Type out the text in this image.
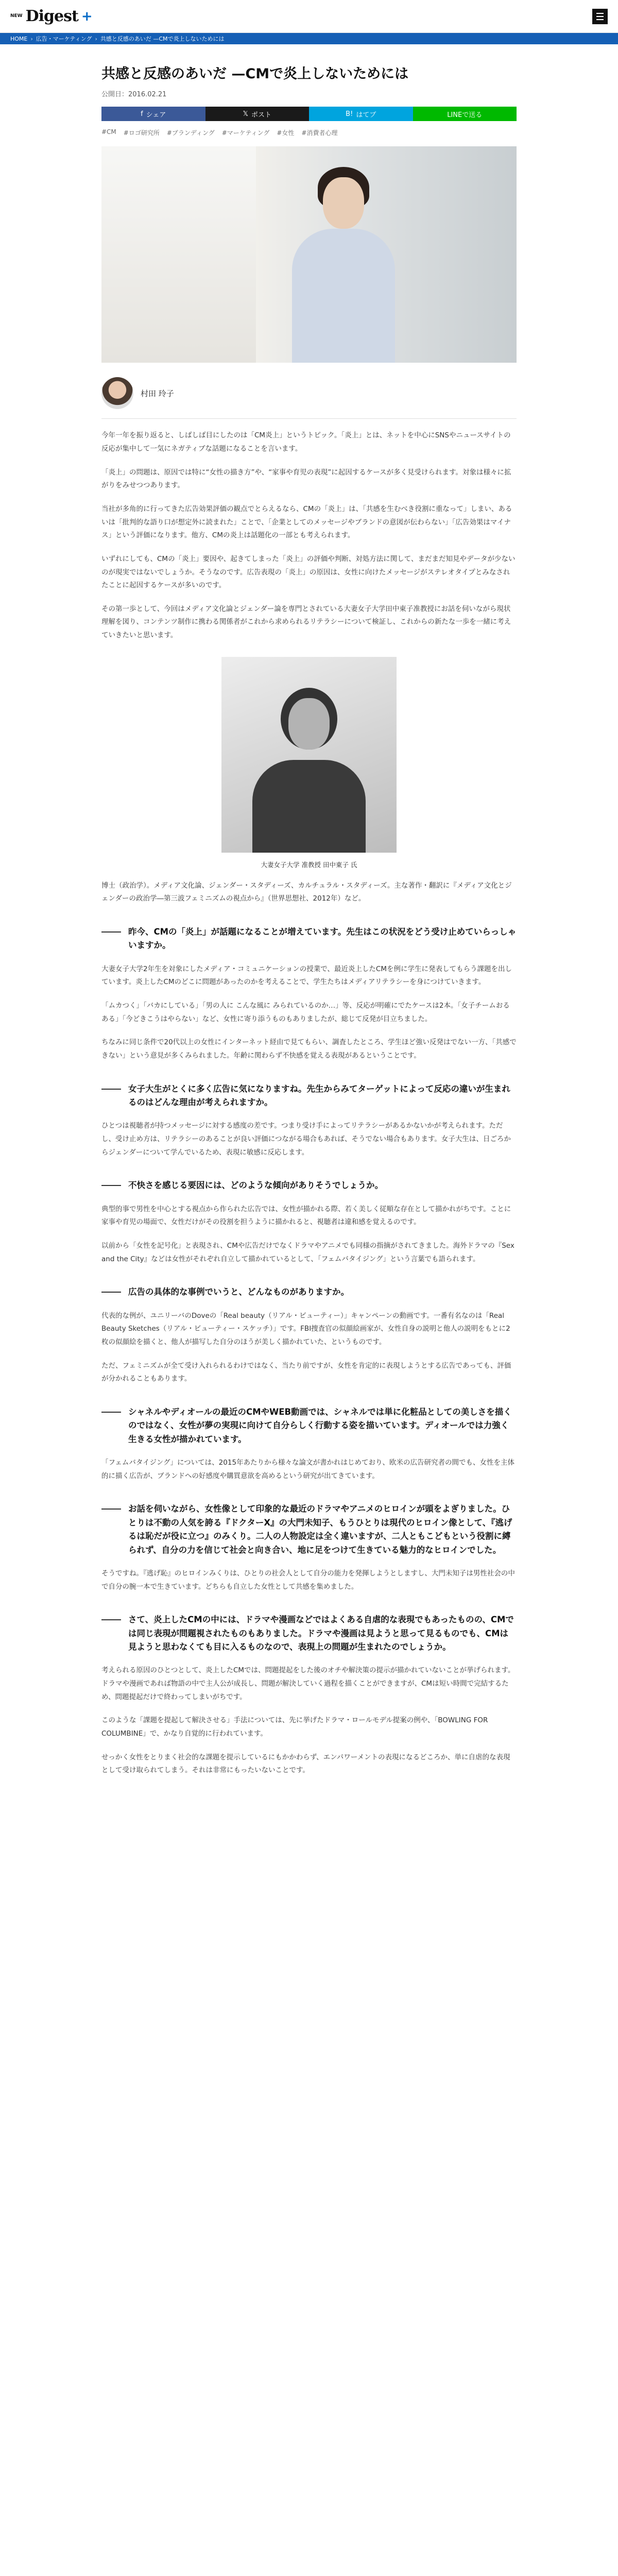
NEW Digest +
HOME › 広告・マーケティング › 共感と反感のあいだ —CMで炎上しないためには
共感と反感のあいだ —CMで炎上しないためには
公開日：2016.02.21
f シェア	𝕏 ポスト	B! はてブ	LINEで送る
#CM #ロゴ研究所 #ブランディング #マーケティング #女性 #消費者心理
村田 玲子

今年一年を振り返ると、しばしば目にしたのは「CM炎上」というトピック。「炎上」とは、ネットを中心にSNSやニュースサイトの反応が集中して一気にネガティブな話題になることを言います。

「炎上」の問題は、原因では特に“女性の描き方”や、“家事や育児の表現”に起因するケースが多く見受けられます。対象は様々に拡がりをみせつつあります。

当社が多角的に行ってきた広告効果評価の観点でとらえるなら、CMの「炎上」は、「共感を生むべき役割に重なって」しまい、あるいは「批判的な語り口が想定外に読まれた」ことで、「企業としてのメッセージやブランドの意図が伝わらない」「広告効果はマイナス」という評価になります。他方、CMの炎上は話題化の一部とも考えられます。

いずれにしても、CMの「炎上」要因や、起きてしまった「炎上」の評価や判断、対処方法に関して、まだまだ知見やデータが少ないのが現実ではないでしょうか。そうなのです。広告表現の「炎上」の原因は、女性に向けたメッセージがステレオタイプとみなされたことに起因するケースが多いのです。

その第一歩として、今回はメディア文化論とジェンダー論を専門とされている大妻女子大学田中東子准教授にお話を伺いながら現状理解を図り、コンテンツ制作に携わる関係者がこれから求められるリテラシーについて検証し、これからの新たな一歩を一緒に考えていきたいと思います。

大妻女子大学 准教授 田中東子 氏

博士（政治学）。メディア文化論、ジェンダー・スタディーズ、カルチュラル・スタディーズ。主な著作・翻訳に『メディア文化とジェンダーの政治学―第三波フェミニズムの視点から』（世界思想社、2012年）など。

昨今、CMの「炎上」が話題になることが増えています。先生はこの状況をどう受け止めていらっしゃいますか。

大妻女子大学2年生を対象にしたメディア・コミュニケーションの授業で、最近炎上したCMを例に学生に発表してもらう課題を出しています。炎上したCMのどこに問題があったのかを考えることで、学生たちはメディアリテラシーを身につけていきます。

「ムカつく」「バカにしている」「男の人に こんな風に みられているのか…」等、反応が明確にでたケースは2本。「女子チームおるある」「今どきこうはやらない」など、女性に寄り添うものもありましたが、総じて反発が目立ちました。

ちなみに同じ条件で20代以上の女性にインターネット経由で見てもらい、調査したところ、学生ほど強い反発はでない一方、「共感できない」という意見が多くみられました。年齢に関わらず不快感を覚える表現があるということです。

女子大生がとくに多く広告に気になりますね。先生からみてターゲットによって反応の違いが生まれるのはどんな理由が考えられますか。

ひとつは視聴者が持つメッセージに対する感度の差です。つまり受け手によってリテラシーがあるかないかが考えられます。ただし、受け止め方は、リテラシーのあることが良い評価につながる場合もあれば、そうでない場合もあります。女子大生は、日ごろからジェンダーについて学んでいるため、表現に敏感に反応します。

不快さを感じる要因には、どのような傾向がありそうでしょうか。

典型的事で男性を中心とする視点から作られた広告では、女性が描かれる際、若く美しく従順な存在として描かれがちです。ことに家事や育児の場面で、女性だけがその役割を担うように描かれると、視聴者は違和感を覚えるのです。

以前から「女性を記号化」と表現され、CMや広告だけでなくドラマやアニメでも同様の指摘がされてきました。海外ドラマの『Sex and the City』などは女性がそれぞれ自立して描かれているとして、「フェムバタイジング」という言葉でも語られます。

広告の具体的な事例でいうと、どんなものがありますか。

代表的な例が、ユニリーバのDoveの「Real beauty（リアル・ビューティー）」キャンペーンの動画です。一番有名なのは「Real Beauty Sketches（リアル・ビューティー・スケッチ）」です。FBI捜査官の似顔絵画家が、女性自身の説明と他人の説明をもとに2枚の似顔絵を描くと、他人が描写した自分のほうが美しく描かれていた、というものです。

ただ、フェミニズムが全て受け入れられるわけではなく、当たり前ですが、女性を肯定的に表現しようとする広告であっても、評価が分かれることもあります。

シャネルやディオールの最近のCMやWEB動画では、シャネルでは単に化粧品としての美しさを描くのではなく、女性が夢の実現に向けて自分らしく行動する姿を描いています。ディオールでは力強く生きる女性が描かれています。

「フェムバタイジング」については、2015年あたりから様々な論文が書かれはじめており、欧米の広告研究者の間でも、女性を主体的に描く広告が、ブランドへの好感度や購買意欲を高めるという研究が出てきています。

お話を伺いながら、女性像として印象的な最近のドラマやアニメのヒロインが頭をよぎりました。ひとりは不動の人気を誇る『ドクターX』の大門未知子、もうひとりは現代のヒロイン像として、『逃げるは恥だが役に立つ』のみくり。二人の人物設定は全く違いますが、二人ともこどもという役割に縛られず、自分の力を信じて社会と向き合い、地に足をつけて生きている魅力的なヒロインでした。

そうですね。『逃げ恥』のヒロインみくりは、ひとりの社会人として自分の能力を発揮しようとしますし、大門未知子は男性社会の中で自分の腕一本で生きています。どちらも自立した女性として共感を集めました。

さて、炎上したCMの中には、ドラマや漫画などではよくある自虐的な表現でもあったものの、CMでは同じ表現が問題視されたものもありました。ドラマや漫画は見ようと思って見るものでも、CMは見ようと思わなくても目に入るものなので、表現上の問題が生まれたのでしょうか。

考えられる原因のひとつとして、炎上したCMでは、問題提起をした後のオチや解決策の提示が描かれていないことが挙げられます。ドラマや漫画であれば物語の中で主人公が成長し、問題が解決していく過程を描くことができますが、CMは短い時間で完結するため、問題提起だけで終わってしまいがちです。

このような「課題を提起して解決させる」手法については、先に挙げたドラマ・ロールモデル提案の例や、「BOWLING FOR COLUMBINE」で、かなり自覚的に行われています。

せっかく女性をとりまく社会的な課題を提示しているにもかかわらず、エンパワーメントの表現になるどころか、単に自虐的な表現として受け取られてしまう。それは非常にもったいないことです。
